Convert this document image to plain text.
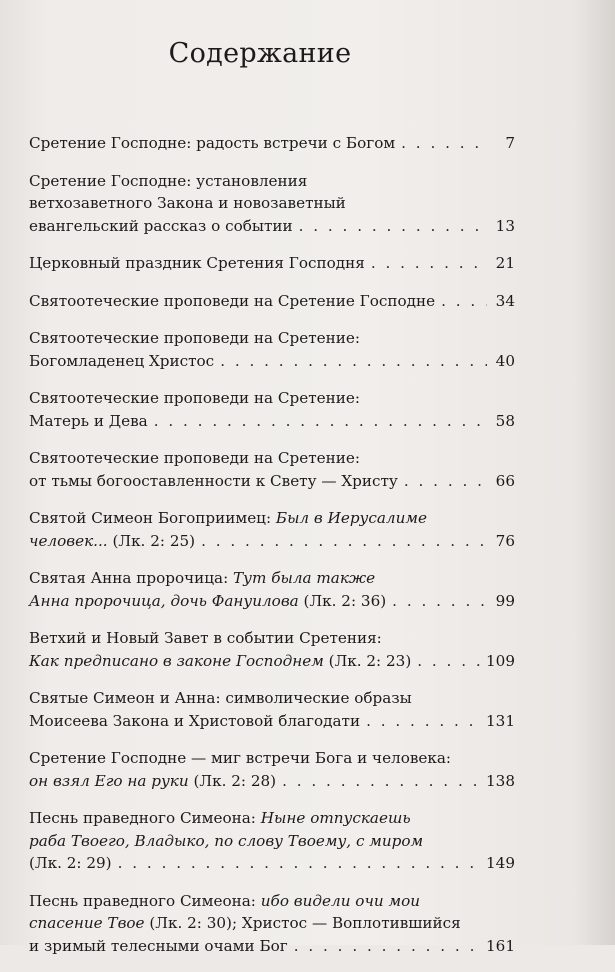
Содержание
Сретение Господне: радость встречи с Богом . . .	7
Сретение Господне: установления
ветхозаветного Закона и новозаветный
евангельский рассказ о событии . . .	13
Церковный праздник Сретения Господня . . .	21
Святоотеческие проповеди на Сретение Господне . . .	34
Святоотеческие проповеди на Сретение:
Богомладенец Христос . . .	40
Святоотеческие проповеди на Сретение:
Матерь и Дева . . .	58
Святоотеческие проповеди на Сретение:
от тьмы богооставленности к Свету — Христу . . .	66
Святой Симеон Богоприимец: Был в Иерусалиме
человек... (Лк. 2: 25) . . .	76
Святая Анна пророчица: Тут была также
Анна пророчица, дочь Фануилова (Лк. 2: 36) . . .	99
Ветхий и Новый Завет в событии Сретения:
Как предписано в законе Господнем (Лк. 2: 23) . . .	109
Святые Симеон и Анна: символические образы
Моисеева Закона и Христовой благодати . . .	131
Сретение Господне — миг встречи Бога и человека:
он взял Его на руки (Лк. 2: 28) . . .	138
Песнь праведного Симеона: Ныне отпускаешь
раба Твоего, Владыко, по слову Твоему, с миром
(Лк. 2: 29) . . .	149
Песнь праведного Симеона: ибо видели очи мои
спасение Твое (Лк. 2: 30); Христос — Воплотившийся
и зримый телесными очами Бог . . .	161
